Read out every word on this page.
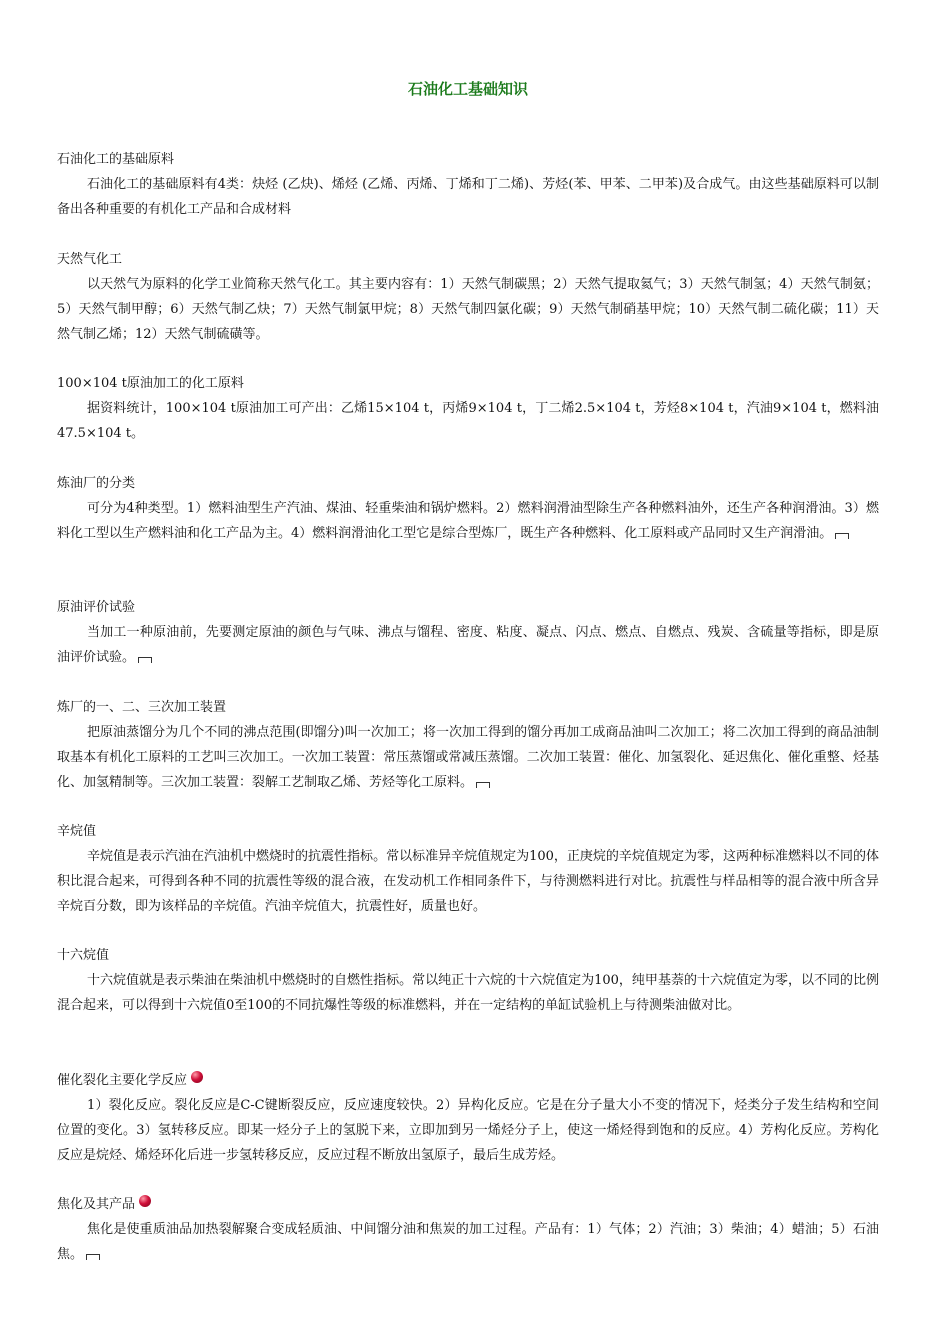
石油化工基础知识

石油化工的基础原料

石油化工的基础原料有4类：炔烃 (乙炔)、烯烃 (乙烯、丙烯、丁烯和丁二烯)、芳烃(苯、甲苯、二甲苯)及合成气。由这些基础原料可以制备出各种重要的有机化工产品和合成材料

天然气化工

以天然气为原料的化学工业简称天然气化工。其主要内容有：1）天然气制碳黑；2）天然气提取氦气；3）天然气制氢；4）天然气制氨；5）天然气制甲醇；6）天然气制乙炔；7）天然气制氯甲烷；8）天然气制四氯化碳；9）天然气制硝基甲烷；10）天然气制二硫化碳；11）天然气制乙烯；12）天然气制硫磺等。

100×104 t原油加工的化工原料

据资料统计，100×104 t原油加工可产出：乙烯15×104 t，丙烯9×104 t，丁二烯2.5×104 t，芳烃8×104 t，汽油9×104 t，燃料油47.5×104 t。

炼油厂的分类

可分为4种类型。1）燃料油型生产汽油、煤油、轻重柴油和锅炉燃料。2）燃料润滑油型除生产各种燃料油外，还生产各种润滑油。3）燃料化工型以生产燃料油和化工产品为主。4）燃料润滑油化工型它是综合型炼厂，既生产各种燃料、化工原料或产品同时又生产润滑油。

原油评价试验

当加工一种原油前，先要测定原油的颜色与气味、沸点与馏程、密度、粘度、凝点、闪点、燃点、自燃点、残炭、含硫量等指标，即是原油评价试验。

炼厂的一、二、三次加工装置

把原油蒸馏分为几个不同的沸点范围(即馏分)叫一次加工；将一次加工得到的馏分再加工成商品油叫二次加工；将二次加工得到的商品油制取基本有机化工原料的工艺叫三次加工。一次加工装置：常压蒸馏或常减压蒸馏。二次加工装置：催化、加氢裂化、延迟焦化、催化重整、烃基化、加氢精制等。三次加工装置：裂解工艺制取乙烯、芳烃等化工原料。

辛烷值

辛烷值是表示汽油在汽油机中燃烧时的抗震性指标。常以标准异辛烷值规定为100，正庚烷的辛烷值规定为零，这两种标准燃料以不同的体积比混合起来，可得到各种不同的抗震性等级的混合液，在发动机工作相同条件下，与待测燃料进行对比。抗震性与样品相等的混合液中所含异辛烷百分数，即为该样品的辛烷值。汽油辛烷值大，抗震性好，质量也好。

十六烷值

十六烷值就是表示柴油在柴油机中燃烧时的自燃性指标。常以纯正十六烷的十六烷值定为100，纯甲基萘的十六烷值定为零，以不同的比例混合起来，可以得到十六烷值0至100的不同抗爆性等级的标准燃料，并在一定结构的单缸试验机上与待测柴油做对比。

催化裂化主要化学反应

1）裂化反应。裂化反应是C-C键断裂反应，反应速度较快。2）异构化反应。它是在分子量大小不变的情况下，烃类分子发生结构和空间位置的变化。3）氢转移反应。即某一烃分子上的氢脱下来，立即加到另一烯烃分子上，使这一烯烃得到饱和的反应。4）芳构化反应。芳构化反应是烷烃、烯烃环化后进一步氢转移反应，反应过程不断放出氢原子，最后生成芳烃。

焦化及其产品

焦化是使重质油品加热裂解聚合变成轻质油、中间馏分油和焦炭的加工过程。产品有：1）气体；2）汽油；3）柴油；4）蜡油；5）石油焦。
